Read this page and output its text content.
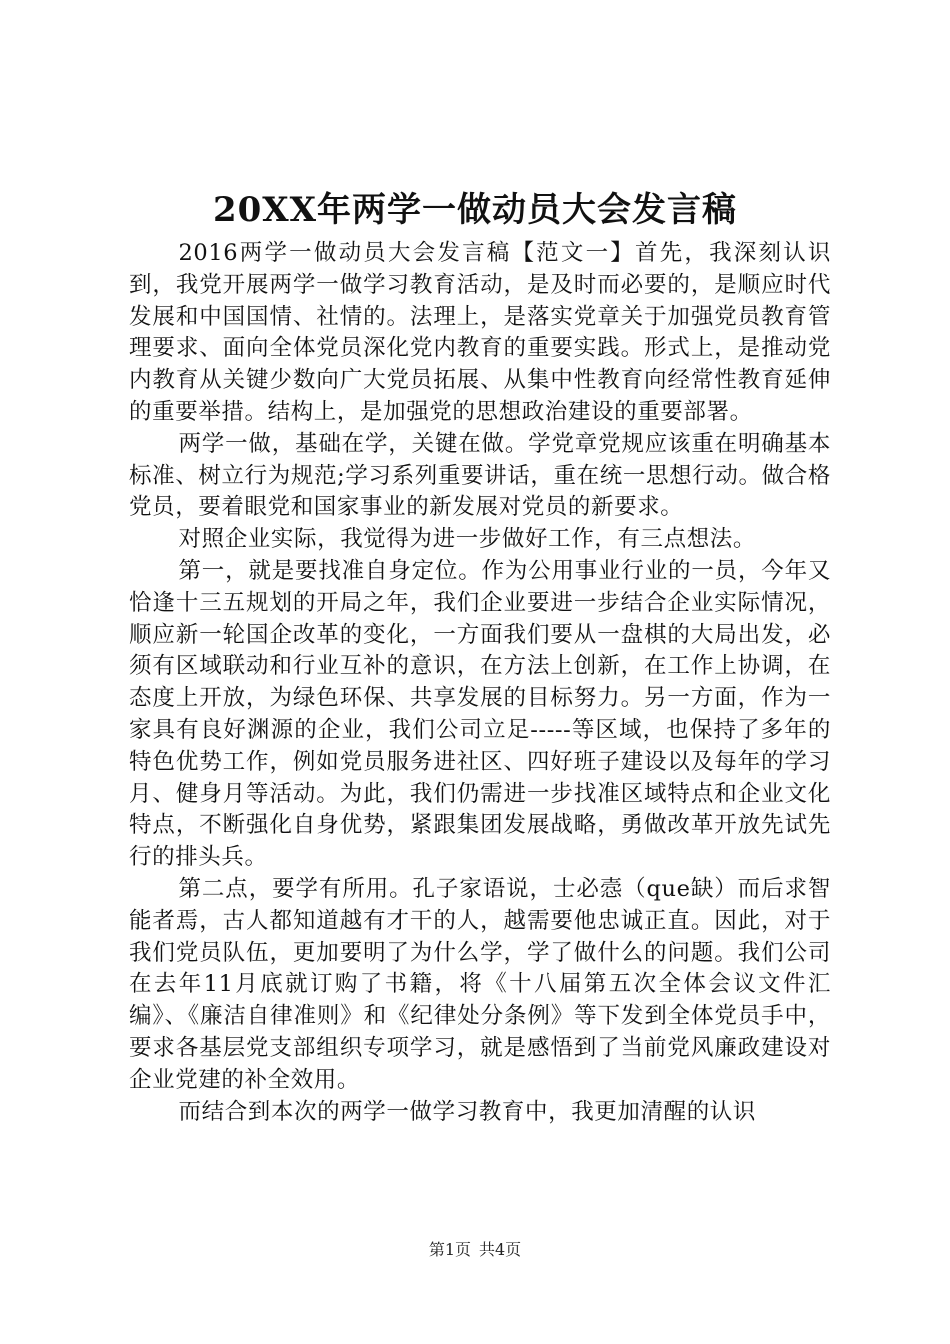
20XX年两学一做动员大会发言稿

2016两学一做动员大会发言稿【范文一】首先，我深刻认识到，我党开展两学一做学习教育活动，是及时而必要的，是顺应时代发展和中国国情、社情的。法理上，是落实党章关于加强党员教育管理要求、面向全体党员深化党内教育的重要实践。形式上，是推动党内教育从关键少数向广大党员拓展、从集中性教育向经常性教育延伸的重要举措。结构上，是加强党的思想政治建设的重要部署。

两学一做，基础在学，关键在做。学党章党规应该重在明确基本标准、树立行为规范;学习系列重要讲话，重在统一思想行动。做合格党员，要着眼党和国家事业的新发展对党员的新要求。

对照企业实际，我觉得为进一步做好工作，有三点想法。

第一，就是要找准自身定位。作为公用事业行业的一员，今年又恰逢十三五规划的开局之年，我们企业要进一步结合企业实际情况，顺应新一轮国企改革的变化，一方面我们要从一盘棋的大局出发，必须有区域联动和行业互补的意识，在方法上创新，在工作上协调，在态度上开放，为绿色环保、共享发展的目标努力。另一方面，作为一家具有良好渊源的企业，我们公司立足-----等区域，也保持了多年的特色优势工作，例如党员服务进社区、四好班子建设以及每年的学习月、健身月等活动。为此，我们仍需进一步找准区域特点和企业文化特点，不断强化自身优势，紧跟集团发展战略，勇做改革开放先试先行的排头兵。

第二点，要学有所用。孔子家语说，士必悫（que缺）而后求智能者焉，古人都知道越有才干的人，越需要他忠诚正直。因此，对于我们党员队伍，更加要明了为什么学，学了做什么的问题。我们公司在去年11月底就订购了书籍，将《十八届第五次全体会议文件汇编》、《廉洁自律准则》和《纪律处分条例》等下发到全体党员手中，要求各基层党支部组织专项学习，就是感悟到了当前党风廉政建设对企业党建的补全效用。

而结合到本次的两学一做学习教育中，我更加清醒的认识

第1页 共4页
